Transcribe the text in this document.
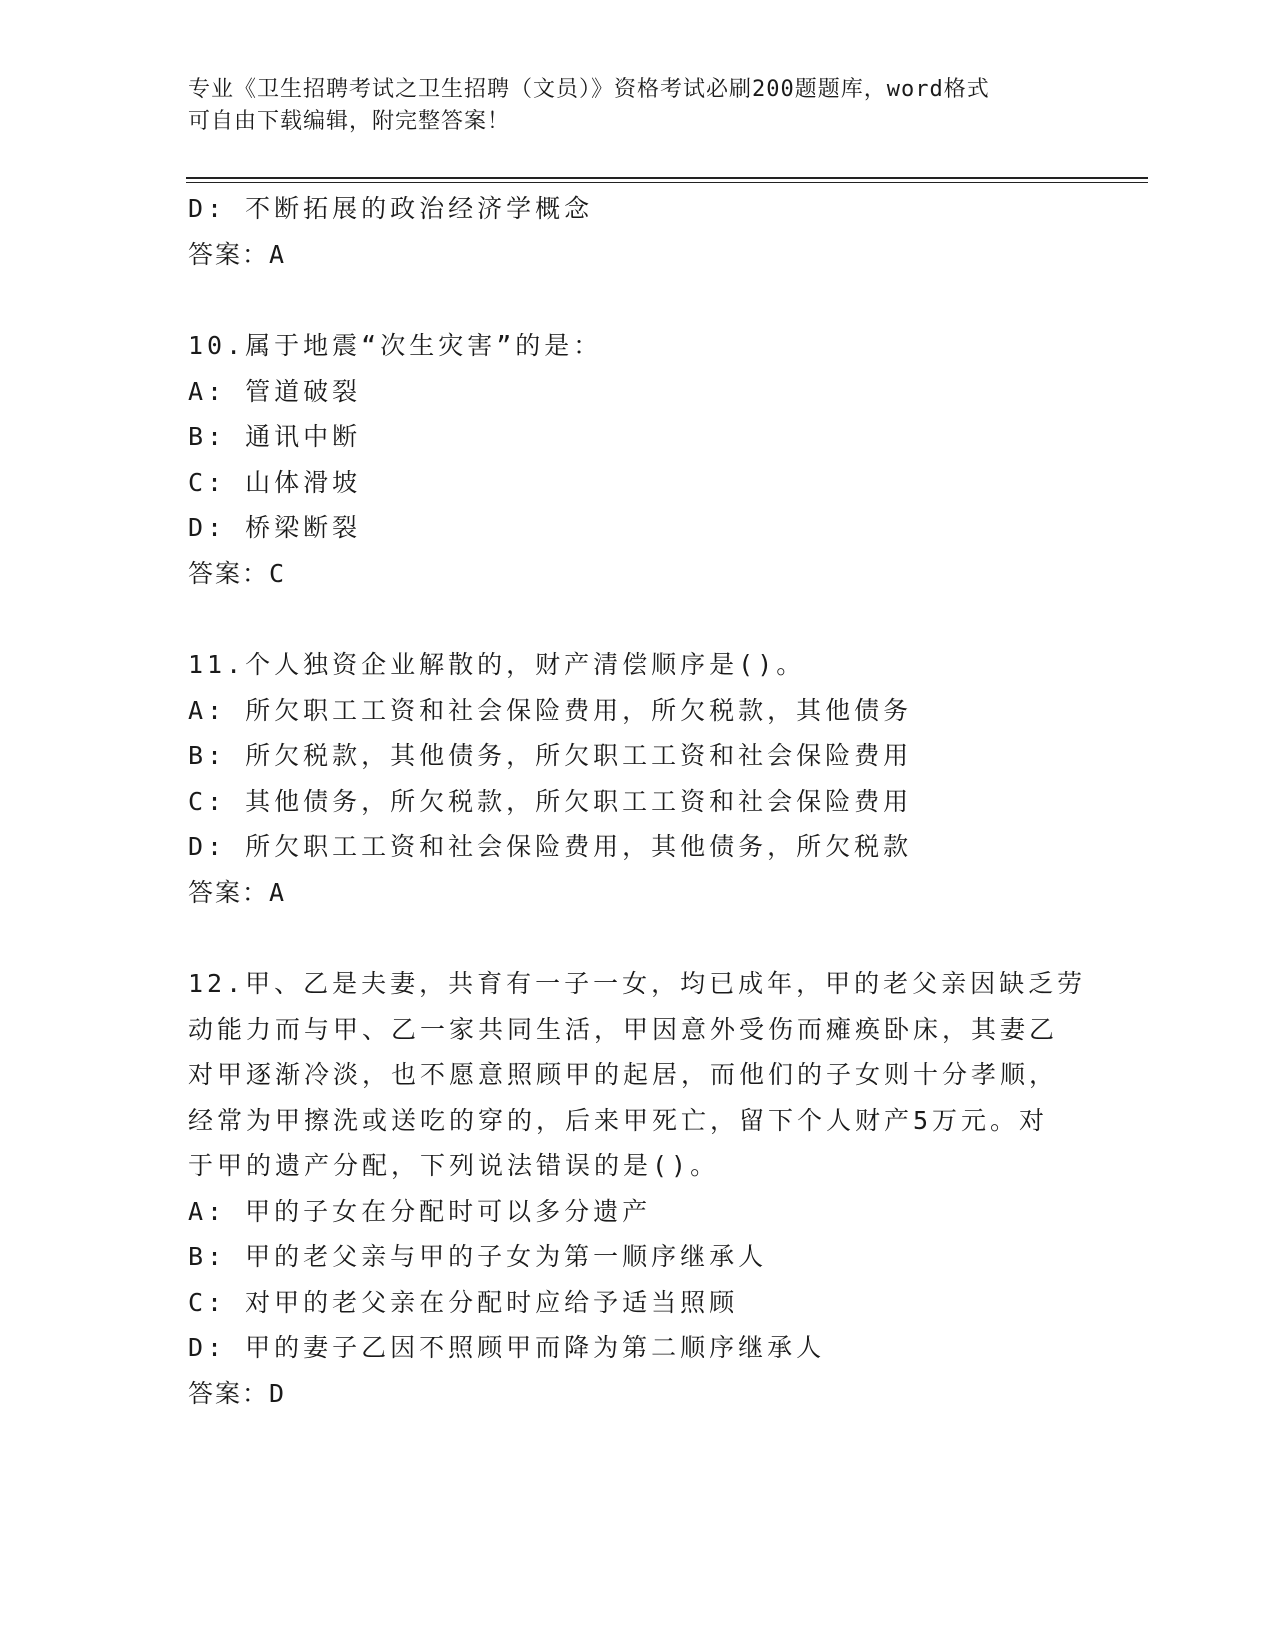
专业《卫生招聘考试之卫生招聘（文员）》资格考试必刷200题题库，word格式
可自由下载编辑，附完整答案！
D: 不断拓展的政治经济学概念
答案：A
10.属于地震“次生灾害”的是：
A: 管道破裂
B: 通讯中断
C: 山体滑坡
D: 桥梁断裂
答案：C
11.个人独资企业解散的，财产清偿顺序是()。
A: 所欠职工工资和社会保险费用，所欠税款，其他债务
B: 所欠税款，其他债务，所欠职工工资和社会保险费用
C: 其他债务，所欠税款，所欠职工工资和社会保险费用
D: 所欠职工工资和社会保险费用，其他债务，所欠税款
答案：A
12.甲、乙是夫妻，共育有一子一女，均已成年，甲的老父亲因缺乏劳
动能力而与甲、乙一家共同生活，甲因意外受伤而瘫痪卧床，其妻乙
对甲逐渐冷淡，也不愿意照顾甲的起居，而他们的子女则十分孝顺，
经常为甲擦洗或送吃的穿的，后来甲死亡，留下个人财产5万元。对
于甲的遗产分配，下列说法错误的是()。
A: 甲的子女在分配时可以多分遗产
B: 甲的老父亲与甲的子女为第一顺序继承人
C: 对甲的老父亲在分配时应给予适当照顾
D: 甲的妻子乙因不照顾甲而降为第二顺序继承人
答案：D
